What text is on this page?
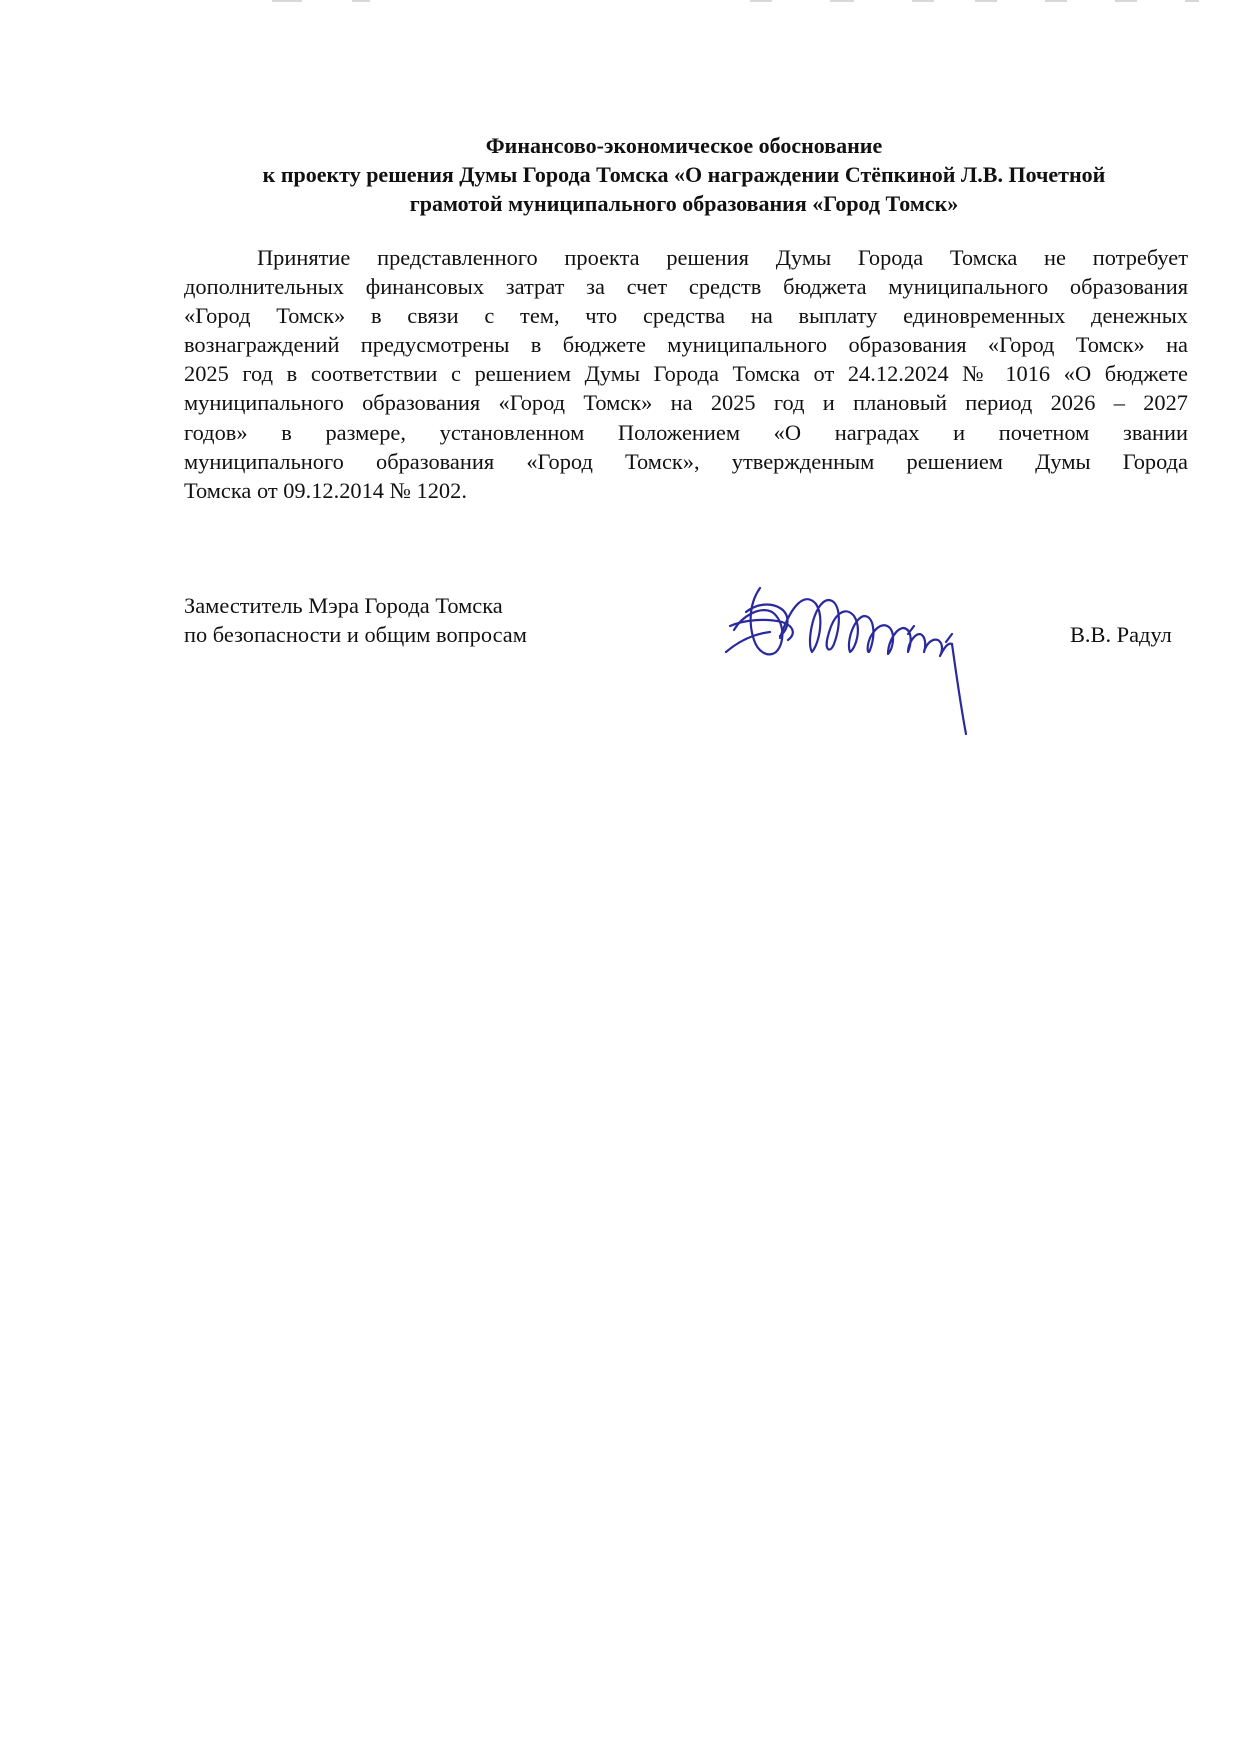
Финансово-экономическое обоснование
к проекту решения Думы Города Томска «О награждении Стёпкиной Л.В. Почетной
грамотой муниципального образования «Город Томск»
Принятие представленного проекта решения Думы Города Томска не потребует
дополнительных финансовых затрат за счет средств бюджета муниципального образования
«Город Томск» в связи с тем, что средства на выплату единовременных денежных
вознаграждений предусмотрены в бюджете муниципального образования «Город Томск» на
2025 год в соответствии с решением Думы Города Томска от 24.12.2024 № 1016 «О бюджете
муниципального образования «Город Томск» на 2025 год и плановый период 2026 – 2027
годов» в размере, установленном Положением «О наградах и почетном звании
муниципального образования «Город Томск», утвержденным решением Думы Города
Томска от 09.12.2014 № 1202.
Заместитель Мэра Города Томска
по безопасности и общим вопросам	В.В. Радул
